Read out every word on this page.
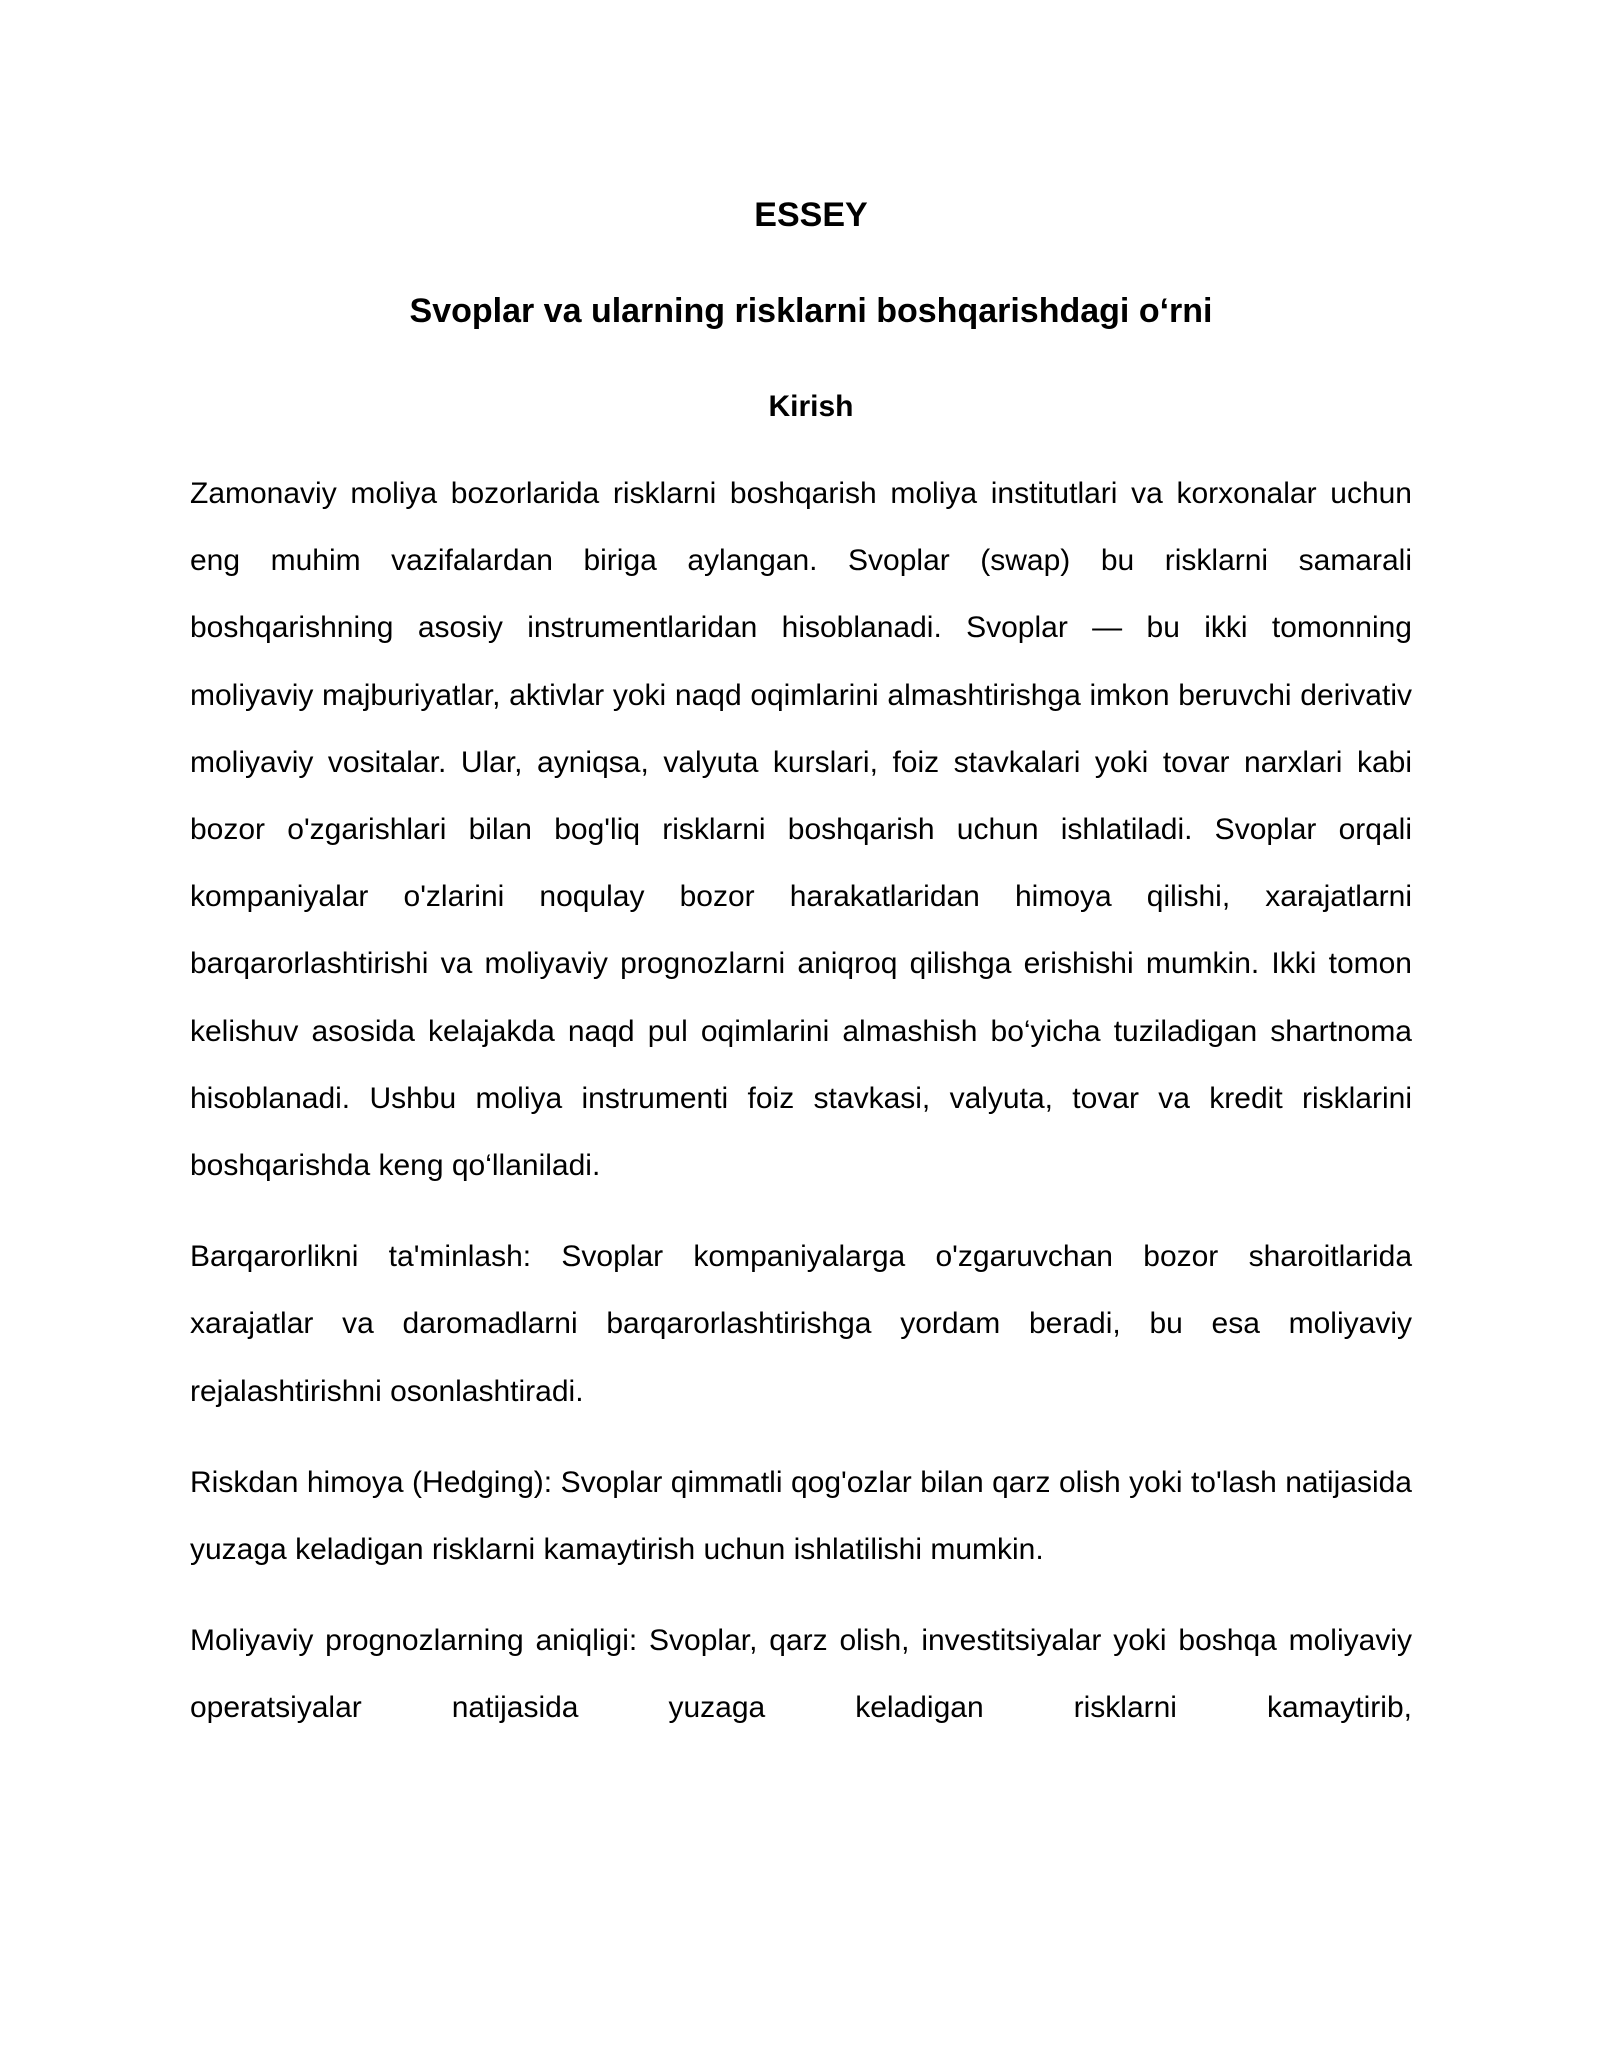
ESSEY
Svoplar va ularning risklarni boshqarishdagi o‘rni
Kirish

Zamonaviy moliya bozorlarida risklarni boshqarish moliya institutlari va korxonalar uchun eng muhim vazifalardan biriga aylangan. Svoplar (swap) bu risklarni samarali boshqarishning asosiy instrumentlaridan hisoblanadi. Svoplar — bu ikki tomonning moliyaviy majburiyatlar, aktivlar yoki naqd oqimlarini almashtirishga imkon beruvchi derivativ moliyaviy vositalar. Ular, ayniqsa, valyuta kurslari, foiz stavkalari yoki tovar narxlari kabi bozor o'zgarishlari bilan bog'liq risklarni boshqarish uchun ishlatiladi. Svoplar orqali kompaniyalar o'zlarini noqulay bozor harakatlaridan himoya qilishi, xarajatlarni barqarorlashtirishi va moliyaviy prognozlarni aniqroq qilishga erishishi mumkin. Ikki tomon kelishuv asosida kelajakda naqd pul oqimlarini almashish bo‘yicha tuziladigan shartnoma hisoblanadi. Ushbu moliya instrumenti foiz stavkasi, valyuta, tovar va kredit risklarini boshqarishda keng qo‘llaniladi.

Barqarorlikni ta'minlash: Svoplar kompaniyalarga o'zgaruvchan bozor sharoitlarida xarajatlar va daromadlarni barqarorlashtirishga yordam beradi, bu esa moliyaviy rejalashtirishni osonlashtiradi.

Riskdan himoya (Hedging): Svoplar qimmatli qog'ozlar bilan qarz olish yoki to'lash natijasida yuzaga keladigan risklarni kamaytirish uchun ishlatilishi mumkin.

Moliyaviy prognozlarning aniqligi: Svoplar, qarz olish, investitsiyalar yoki boshqa moliyaviy operatsiyalar natijasida yuzaga keladigan risklarni kamaytirib,
